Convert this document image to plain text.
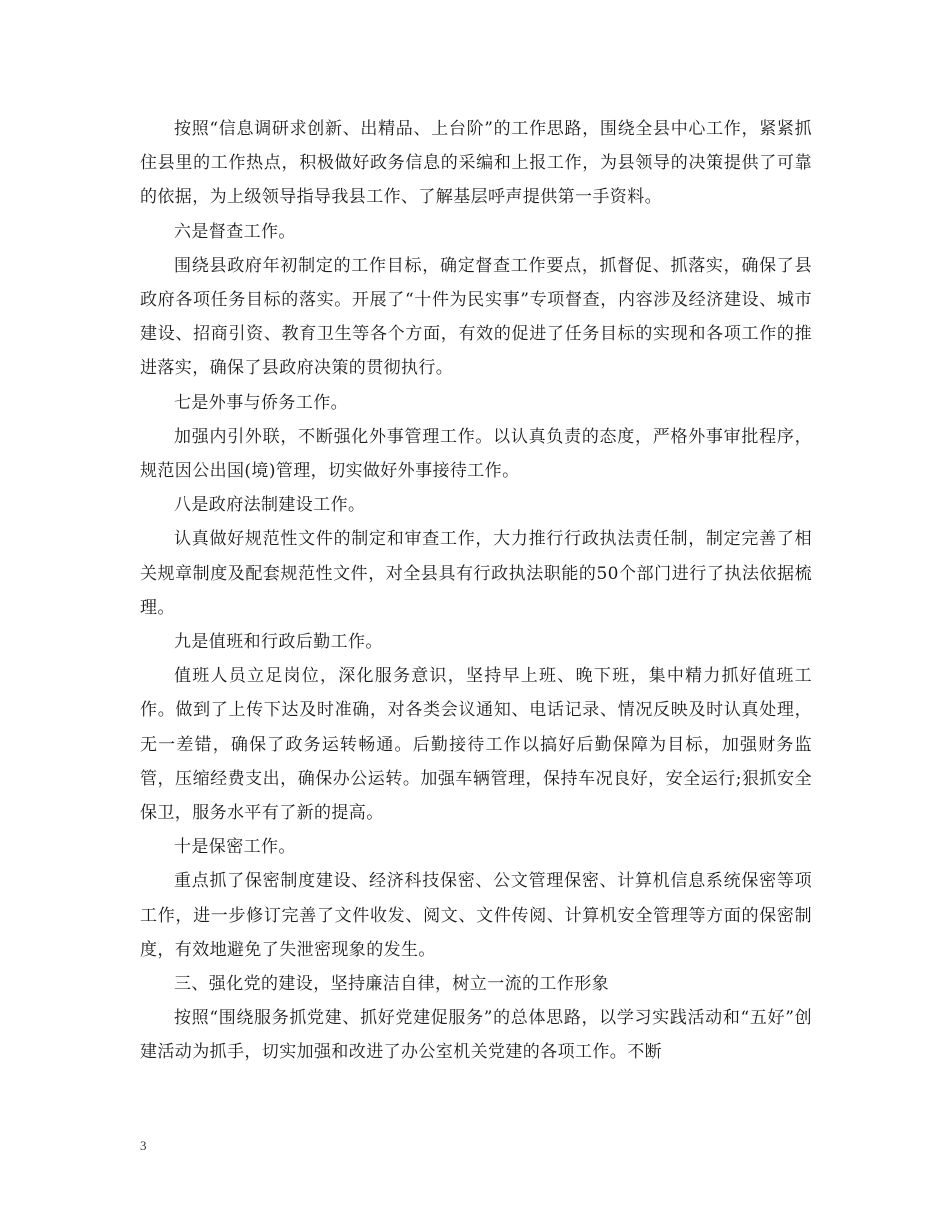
按照“信息调研求创新、出精品、上台阶”的工作思路，围绕全县中心工作，紧紧抓住县里的工作热点，积极做好政务信息的采编和上报工作，为县领导的决策提供了可靠的依据，为上级领导指导我县工作、了解基层呼声提供第一手资料。

六是督查工作。

围绕县政府年初制定的工作目标，确定督查工作要点，抓督促、抓落实，确保了县政府各项任务目标的落实。开展了“十件为民实事”专项督查，内容涉及经济建设、城市建设、招商引资、教育卫生等各个方面，有效的促进了任务目标的实现和各项工作的推进落实，确保了县政府决策的贯彻执行。

七是外事与侨务工作。

加强内引外联，不断强化外事管理工作。以认真负责的态度，严格外事审批程序，规范因公出国(境)管理，切实做好外事接待工作。

八是政府法制建设工作。

认真做好规范性文件的制定和审查工作，大力推行行政执法责任制，制定完善了相关规章制度及配套规范性文件，对全县具有行政执法职能的50个部门进行了执法依据梳理。

九是值班和行政后勤工作。

值班人员立足岗位，深化服务意识，坚持早上班、晚下班，集中精力抓好值班工作。做到了上传下达及时准确，对各类会议通知、电话记录、情况反映及时认真处理，无一差错，确保了政务运转畅通。后勤接待工作以搞好后勤保障为目标，加强财务监管，压缩经费支出，确保办公运转。加强车辆管理，保持车况良好，安全运行;狠抓安全保卫，服务水平有了新的提高。

十是保密工作。

重点抓了保密制度建设、经济科技保密、公文管理保密、计算机信息系统保密等项工作，进一步修订完善了文件收发、阅文、文件传阅、计算机安全管理等方面的保密制度，有效地避免了失泄密现象的发生。

三、强化党的建设，坚持廉洁自律，树立一流的工作形象

按照“围绕服务抓党建、抓好党建促服务”的总体思路，以学习实践活动和“五好”创建活动为抓手，切实加强和改进了办公室机关党建的各项工作。不断

3
